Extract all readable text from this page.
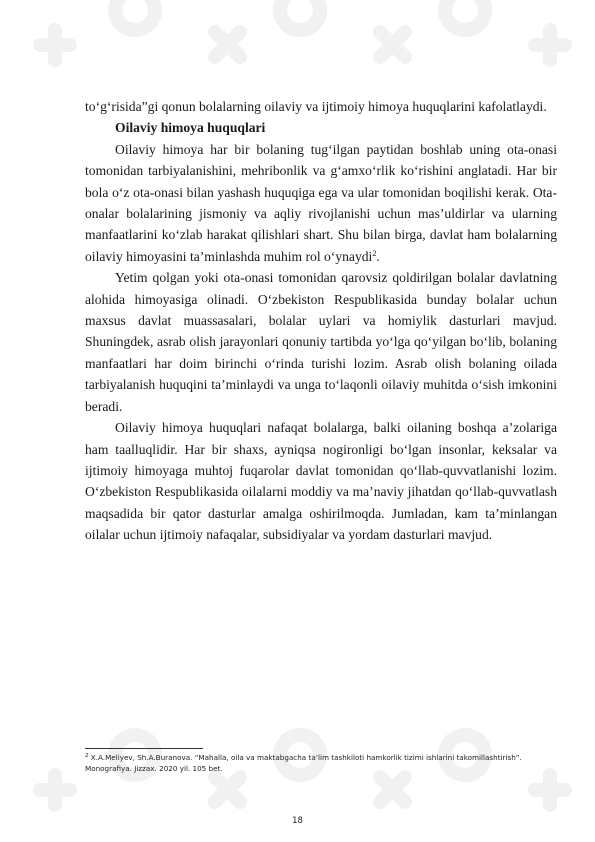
to‘g‘risida”gi qonun bolalarning oilaviy va ijtimoiy himoya huquqlarini kafolatlaydi.

Oilaviy himoya huquqlari

Oilaviy himoya har bir bolaning tug‘ilgan paytidan boshlab uning ota-onasi tomonidan tarbiyalanishini, mehribonlik va g‘amxo‘rlik ko‘rishini anglatadi. Har bir bola o‘z ota-onasi bilan yashash huquqiga ega va ular tomonidan boqilishi kerak. Ota-onalar bolalarining jismoniy va aqliy rivojlanishi uchun mas’uldirlar va ularning manfaatlarini ko‘zlab harakat qilishlari shart. Shu bilan birga, davlat ham bolalarning oilaviy himoyasini ta’minlashda muhim rol o‘ynaydi$^2$.

Yetim qolgan yoki ota-onasi tomonidan qarovsiz qoldirilgan bolalar davlatning alohida himoyasiga olinadi. O‘zbekiston Respublikasida bunday bolalar uchun maxsus davlat muassasalari, bolalar uylari va homiylik dasturlari mavjud. Shuningdek, asrab olish jarayonlari qonuniy tartibda yo‘lga qo‘yilgan bo‘lib, bolaning manfaatlari har doim birinchi o‘rinda turishi lozim. Asrab olish bolaning oilada tarbiyalanish huquqini ta’minlaydi va unga to‘laqonli oilaviy muhitda o‘sish imkonini beradi.

Oilaviy himoya huquqlari nafaqat bolalarga, balki oilaning boshqa a’zolariga ham taalluqlidir. Har bir shaxs, ayniqsa nogironligi bo‘lgan insonlar, keksalar va ijtimoiy himoyaga muhtoj fuqarolar davlat tomonidan qo‘llab-quvvatlanishi lozim. O‘zbekiston Respublikasida oilalarni moddiy va ma’naviy jihatdan qo‘llab-quvvatlash maqsadida bir qator dasturlar amalga oshirilmoqda. Jumladan, kam ta’minlangan oilalar uchun ijtimoiy nafaqalar, subsidiyalar va yordam dasturlari mavjud.

$^2$ X.A.Meliyev, Sh.A.Buranova. “Mahalla, oila va maktabgacha ta’lim tashkiloti hamkorlik tizimi ishlarini takomillashtirish”. Monografiya. Jizzax. 2020 yil. 105 bet.
18
